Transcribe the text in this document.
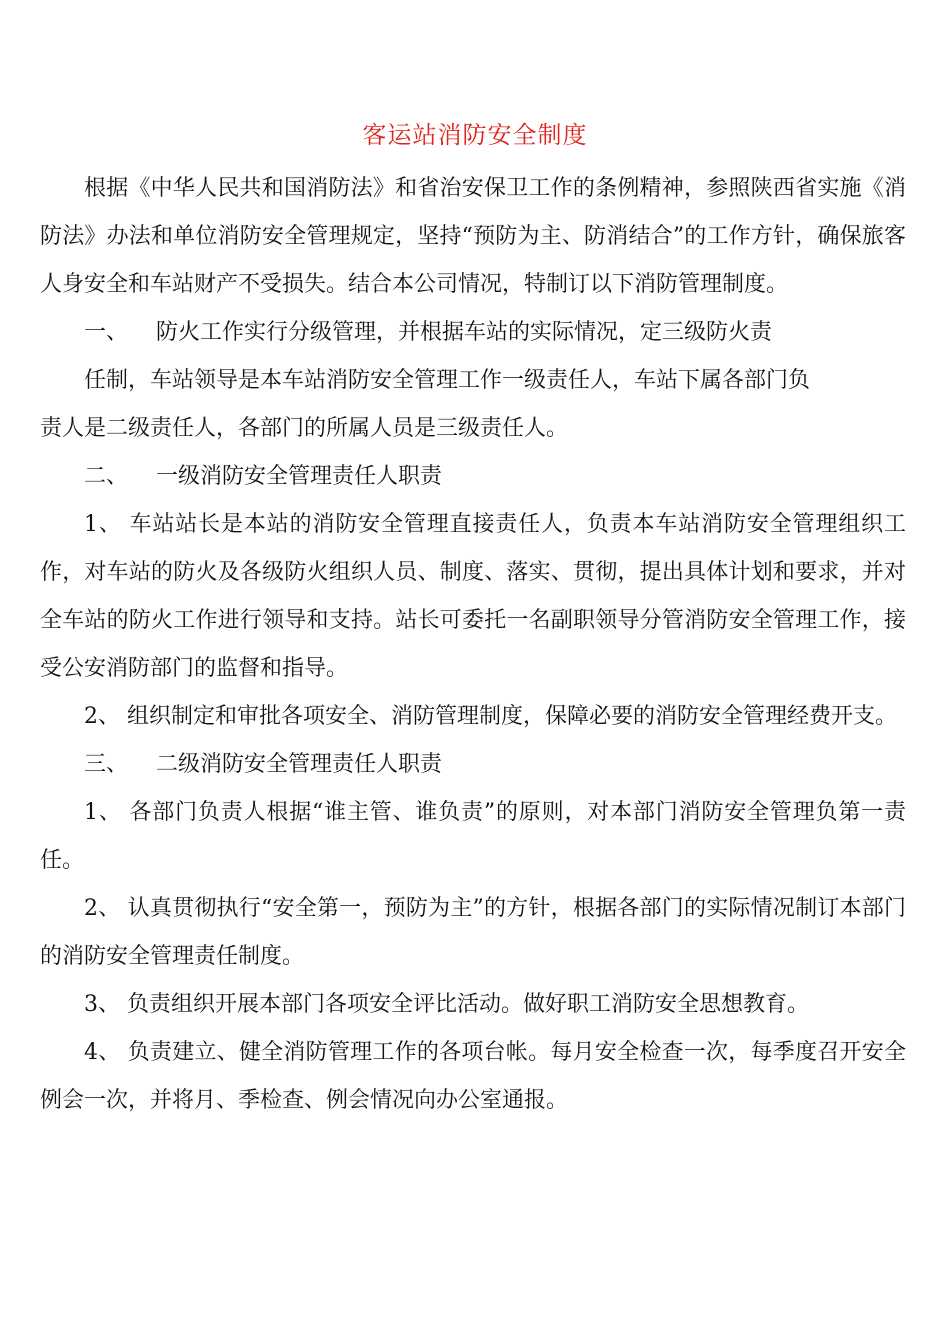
客运站消防安全制度

根据《中华人民共和国消防法》和省治安保卫工作的条例精神，参照陕西省实施《消防法》办法和单位消防安全管理规定，坚持“预防为主、防消结合”的工作方针，确保旅客人身安全和车站财产不受损失。结合本公司情况，特制订以下消防管理制度。

一、	防火工作实行分级管理，并根据车站的实际情况，定三级防火责

任制，车站领导是本车站消防安全管理工作一级责任人，车站下属各部门负

责人是二级责任人，各部门的所属人员是三级责任人。

二、	一级消防安全管理责任人职责

1、 车站站长是本站的消防安全管理直接责任人，负责本车站消防安全管理组织工作，对车站的防火及各级防火组织人员、制度、落实、贯彻，提出具体计划和要求，并对全车站的防火工作进行领导和支持。站长可委托一名副职领导分管消防安全管理工作，接受公安消防部门的监督和指导。

2、 组织制定和审批各项安全、消防管理制度，保障必要的消防安全管理经费开支。

三、	二级消防安全管理责任人职责

1、 各部门负责人根据“谁主管、谁负责”的原则，对本部门消防安全管理负第一责任。

2、 认真贯彻执行“安全第一，预防为主”的方针，根据各部门的实际情况制订本部门的消防安全管理责任制度。

3、 负责组织开展本部门各项安全评比活动。做好职工消防安全思想教育。

4、 负责建立、健全消防管理工作的各项台帐。每月安全检查一次，每季度召开安全例会一次，并将月、季检查、例会情况向办公室通报。
